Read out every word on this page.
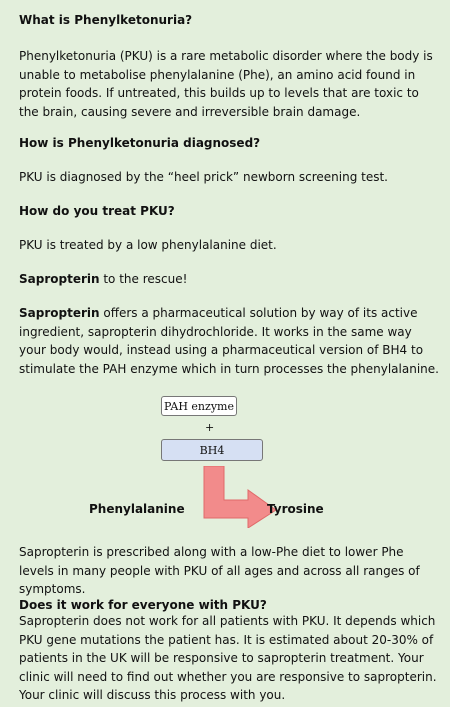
What is Phenylketonuria?

Phenylketonuria (PKU) is a rare metabolic disorder where the body is unable to metabolise phenylalanine (Phe), an amino acid found in protein foods. If untreated, this builds up to levels that are toxic to the brain, causing severe and irreversible brain damage.

How is Phenylketonuria diagnosed?

PKU is diagnosed by the “heel prick” newborn screening test.

How do you treat PKU?

PKU is treated by a low phenylalanine diet.

Sapropterin to the rescue!

Sapropterin offers a pharmaceutical solution by way of its active ingredient, sapropterin dihydrochloride. It works in the same way your body would, instead using a pharmaceutical version of BH4 to stimulate the PAH enzyme which in turn processes the phenylalanine.

PAH enzyme
+
BH4
Phenylalanine	Tyrosine

Sapropterin is prescribed along with a low-Phe diet to lower Phe levels in many people with PKU of all ages and across all ranges of symptoms.

Does it work for everyone with PKU?

Sapropterin does not work for all patients with PKU. It depends which PKU gene mutations the patient has. It is estimated about 20-30% of patients in the UK will be responsive to sapropterin treatment. Your clinic will need to find out whether you are responsive to sapropterin. Your clinic will discuss this process with you.
